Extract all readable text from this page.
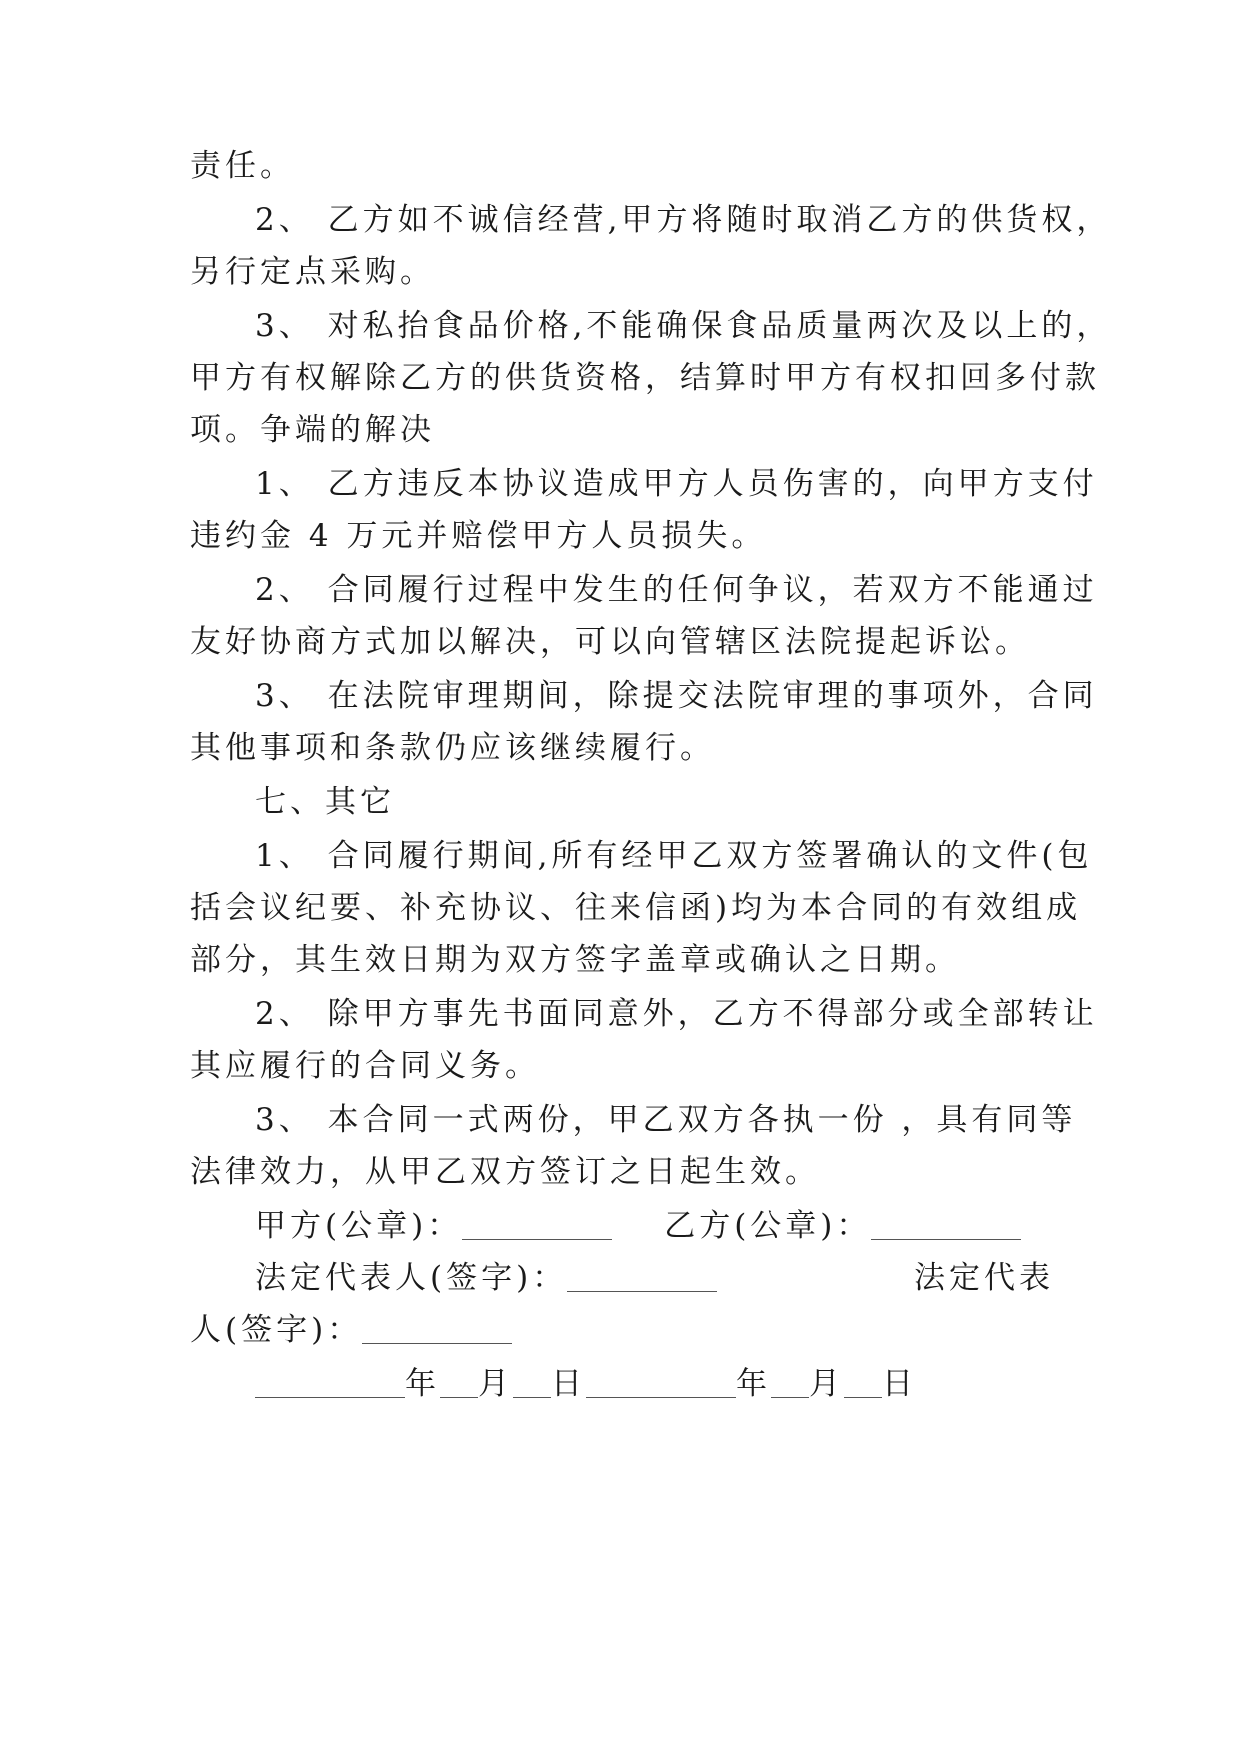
责任。
2、 乙方如不诚信经营,甲方将随时取消乙方的供货权，
另行定点采购。
3、 对私抬食品价格,不能确保食品质量两次及以上的，
甲方有权解除乙方的供货资格，结算时甲方有权扣回多付款
项。争端的解决
1、 乙方违反本协议造成甲方人员伤害的，向甲方支付
违约金 4 万元并赔偿甲方人员损失。
2、 合同履行过程中发生的任何争议，若双方不能通过
友好协商方式加以解决，可以向管辖区法院提起诉讼。
3、 在法院审理期间，除提交法院审理的事项外，合同
其他事项和条款仍应该继续履行。
七、其它
1、 合同履行期间,所有经甲乙双方签署确认的文件(包
括会议纪要、补充协议、往来信函)均为本合同的有效组成
部分，其生效日期为双方签字盖章或确认之日期。
2、 除甲方事先书面同意外，乙方不得部分或全部转让
其应履行的合同义务。
3、 本合同一式两份，甲乙双方各执一份 ，具有同等
法律效力，从甲乙双方签订之日起生效。
甲方(公章)：	乙方(公章)：
法定代表人(签字)：	法定代表
人(签字)：
年 月 日	年 月 日
